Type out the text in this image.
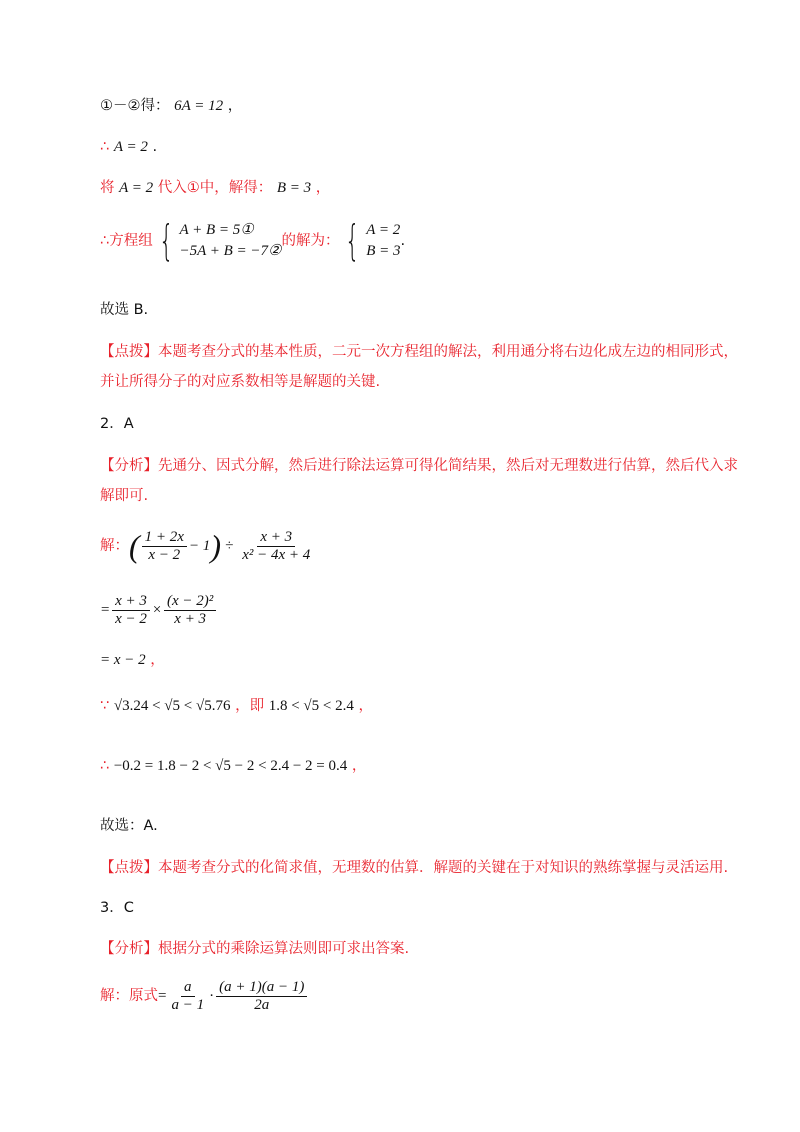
①－②得： 6A = 12 ，
∴ A = 2 .
将 A = 2 代入①中，解得： B = 3 ，
∴方程组 { A + B = 5①
−5A + B = −7②
的解为： { A = 2
B = 3
.
故选 B.
【点拨】本题考查分式的基本性质，二元一次方程组的解法，利用通分将右边化成左边的相同形式，
并让所得分子的对应系数相等是解题的关键.
2．A
【分析】先通分、因式分解，然后进行除法运算可得化简结果，然后对无理数进行估算，然后代入求
解即可.
解： ( $\frac{1 + 2x}{x - 2} - 1$ ) ÷ $\frac{x + 3}{\text{x² − 4x + 4}}$
= $\frac{x + 3}{x - 2} \times \frac{\text{(x − 2)²}}{x + 3}$
= x − 2 ，
∵ √3.24 < √5 < √5.76 ，即 1.8 < √5 < 2.4 ，
∴ −0.2 = 1.8 − 2 < √5 − 2 < 2.4 − 2 = 0.4 ，
故选：A.
【点拨】本题考查分式的化简求值，无理数的估算．解题的关键在于对知识的熟练掌握与灵活运用.
3．C
【分析】根据分式的乘除运算法则即可求出答案.
解：原式 = $\frac{a}{a - 1} \cdot \frac{(a + 1)(a - 1)}{2a}$
